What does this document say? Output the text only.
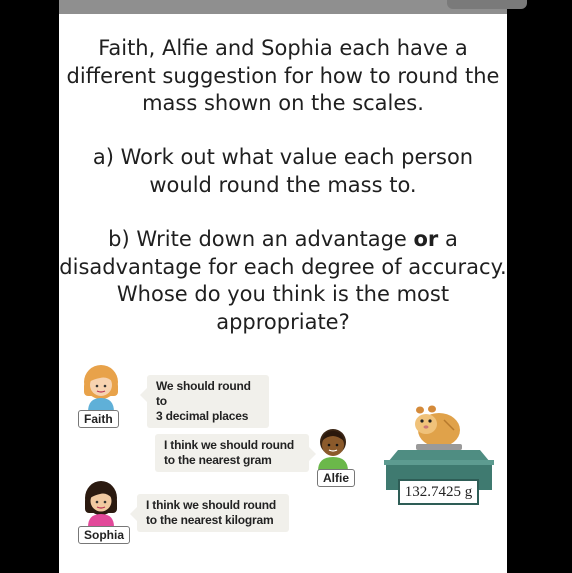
Faith, Alfie and Sophia each have a different suggestion for how to round the mass shown on the scales.
a) Work out what value each person would round the mass to.
b) Write down an advantage or a disadvantage for each degree of accuracy. Whose do you think is the most appropriate?
Faith
We should round to
3 decimal places
I think we should round
to the nearest gram
Alfie
Sophia
I think we should round
to the nearest kilogram
132.7425 g
